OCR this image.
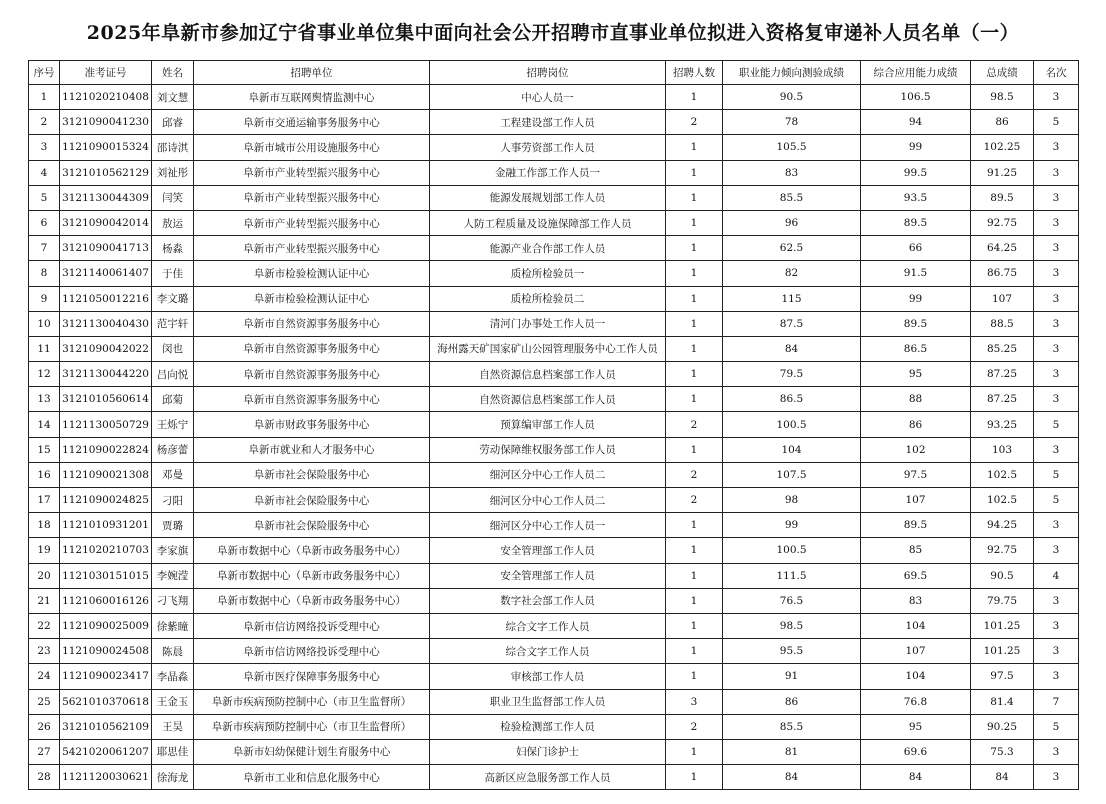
2025年阜新市参加辽宁省事业单位集中面向社会公开招聘市直事业单位拟进入资格复审递补人员名单（一）
序号	准考证号	姓名	招聘单位	招聘岗位	招聘人数	职业能力倾向测验成绩	综合应用能力成绩	总成绩	名次
1	1121020210408	刘文慧	阜新市互联网舆情监测中心	中心人员一	1	90.5	106.5	98.5	3
2	3121090041230	邱睿	阜新市交通运输事务服务中心	工程建设部工作人员	2	78	94	86	5
3	1121090015324	邵诗淇	阜新市城市公用设施服务中心	人事劳资部工作人员	1	105.5	99	102.25	3
4	3121010562129	刘祉彤	阜新市产业转型振兴服务中心	金融工作部工作人员一	1	83	99.5	91.25	3
5	3121130044309	闫笑	阜新市产业转型振兴服务中心	能源发展规划部工作人员	1	85.5	93.5	89.5	3
6	3121090042014	敖运	阜新市产业转型振兴服务中心	人防工程质量及设施保障部工作人员	1	96	89.5	92.75	3
7	3121090041713	杨淼	阜新市产业转型振兴服务中心	能源产业合作部工作人员	1	62.5	66	64.25	3
8	3121140061407	于佳	阜新市检验检测认证中心	质检所检验员一	1	82	91.5	86.75	3
9	1121050012216	李文璐	阜新市检验检测认证中心	质检所检验员二	1	115	99	107	3
10	3121130040430	范宇轩	阜新市自然资源事务服务中心	清河门办事处工作人员一	1	87.5	89.5	88.5	3
11	3121090042022	闵也	阜新市自然资源事务服务中心	海州露天矿国家矿山公园管理服务中心工作人员	1	84	86.5	85.25	3
12	3121130044220	吕向悦	阜新市自然资源事务服务中心	自然资源信息档案部工作人员	1	79.5	95	87.25	3
13	3121010560614	邱菊	阜新市自然资源事务服务中心	自然资源信息档案部工作人员	1	86.5	88	87.25	3
14	1121130050729	王烁宁	阜新市财政事务服务中心	预算编审部工作人员	2	100.5	86	93.25	5
15	1121090022824	杨彦蕾	阜新市就业和人才服务中心	劳动保障维权服务部工作人员	1	104	102	103	3
16	1121090021308	邓曼	阜新市社会保险服务中心	细河区分中心工作人员二	2	107.5	97.5	102.5	5
17	1121090024825	刁阳	阜新市社会保险服务中心	细河区分中心工作人员二	2	98	107	102.5	5
18	1121010931201	贾璐	阜新市社会保险服务中心	细河区分中心工作人员一	1	99	89.5	94.25	3
19	1121020210703	李家旗	阜新市数据中心（阜新市政务服务中心）	安全管理部工作人员	1	100.5	85	92.75	3
20	1121030151015	李婉滢	阜新市数据中心（阜新市政务服务中心）	安全管理部工作人员	1	111.5	69.5	90.5	4
21	1121060016126	刁飞翔	阜新市数据中心（阜新市政务服务中心）	数字社会部工作人员	1	76.5	83	79.75	3
22	1121090025009	徐紫瞳	阜新市信访网络投诉受理中心	综合文字工作人员	1	98.5	104	101.25	3
23	1121090024508	陈晨	阜新市信访网络投诉受理中心	综合文字工作人员	1	95.5	107	101.25	3
24	1121090023417	李晶淼	阜新市医疗保障事务服务中心	审核部工作人员	1	91	104	97.5	3
25	5621010370618	王金玉	阜新市疾病预防控制中心（市卫生监督所）	职业卫生监督部工作人员	3	86	76.8	81.4	7
26	3121010562109	王昊	阜新市疾病预防控制中心（市卫生监督所）	检验检测部工作人员	2	85.5	95	90.25	5
27	5421020061207	耶思佳	阜新市妇幼保健计划生育服务中心	妇保门诊护士	1	81	69.6	75.3	3
28	1121120030621	徐海龙	阜新市工业和信息化服务中心	高新区应急服务部工作人员	1	84	84	84	3
